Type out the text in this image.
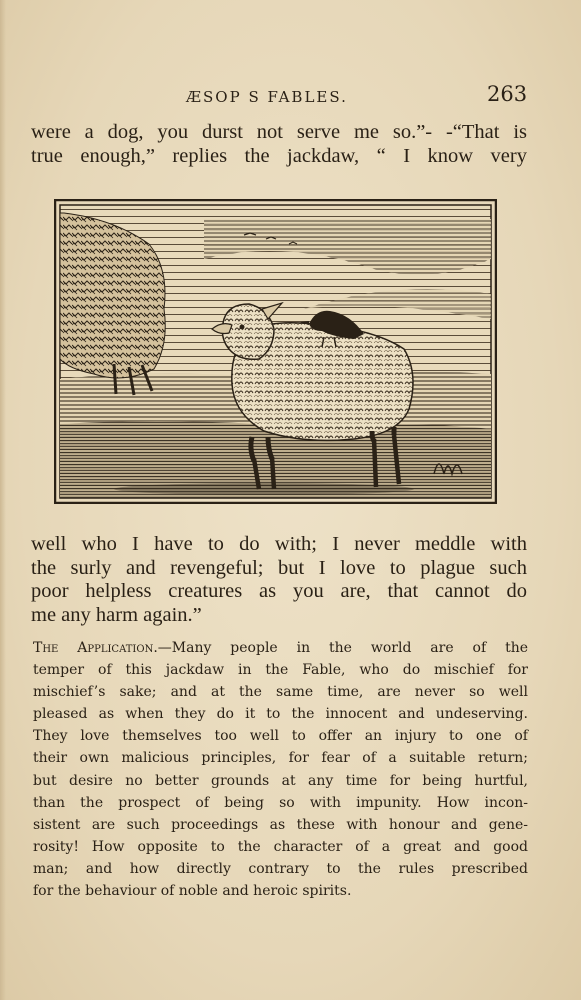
ÆSOP S FABLES.	263
were a dog, you durst not serve me so.”- -“That is
true enough,” replies the jackdaw, “ I know very
well who I have to do with; I never meddle with
the surly and revengeful; but I love to plague such
poor helpless creatures as you are, that cannot do
me any harm again.”
The Application.—Many people in the world are of the
temper of this jackdaw in the Fable, who do mischief for
mischief’s sake; and at the same time, are never so well
pleased as when they do it to the innocent and undeserving.
They love themselves too well to offer an injury to one of
their own malicious principles, for fear of a suitable return;
but desire no better grounds at any time for being hurtful,
than the prospect of being so with impunity. How incon-
sistent are such proceedings as these with honour and gene-
rosity! How opposite to the character of a great and good
man; and how directly contrary to the rules prescribed
for the behaviour of noble and heroic spirits.
